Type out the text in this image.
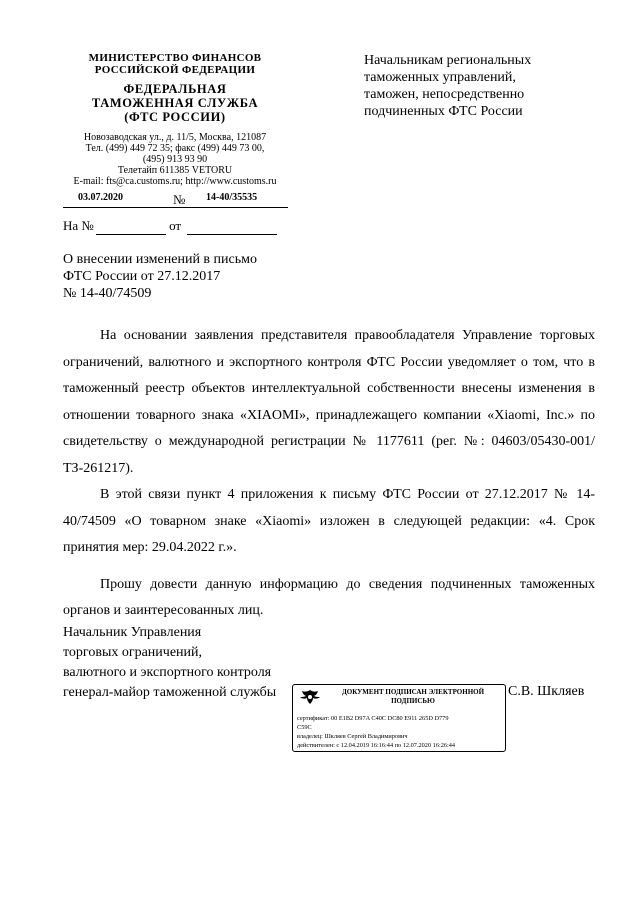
МИНИСТЕРСТВО ФИНАНСОВ
РОССИЙСКОЙ ФЕДЕРАЦИИ
ФЕДЕРАЛЬНАЯ
ТАМОЖЕННАЯ СЛУЖБА
(ФТС РОССИИ)
Новозаводская ул., д. 11/5, Москва, 121087
Тел. (499) 449 72 35; факс (499) 449 73 00,
(495) 913 93 90
Телетайп 611385 VETORU
E-mail: fts@ca.customs.ru; http://www.customs.ru
03.07.2020	№ 14-40/35535
На №	от
Начальникам региональных
таможенных управлений,
таможен, непосредственно
подчиненных ФТС России
О внесении изменений в письмо
ФТС России от 27.12.2017
№ 14-40/74509

На основании заявления представителя правообладателя Управление торговых ограничений, валютного и экспортного контроля ФТС России уведомляет о том, что в таможенный реестр объектов интеллектуальной собственности внесены изменения в отношении товарного знака «XIAOMI», принадлежащего компании «Xiaomi, Inc.» по свидетельству о международной регистрации № 1177611 (рег. №: 04603/05430-001/ТЗ-261217).

В этой связи пункт 4 приложения к письму ФТС России от 27.12.2017 № 14-40/74509 «О товарном знаке «Xiaomi» изложен в следующей редакции: «4. Срок принятия мер: 29.04.2022 г.».

Прошу довести данную информацию до сведения подчиненных таможенных органов и заинтересованных лиц.

Начальник Управления
торговых ограничений,
валютного и экспортного контроля
генерал-майор таможенной службы	ДОКУМЕНТ ПОДПИСАН ЭЛЕКТРОННОЙ
ПОДПИСЬЮ
сертификат: 00 E1B2 D97A C40C DC80 E911 265D D779
C59C
владелец: Шкляев Сергей Владимирович
действителен: с 12.04.2019 16:16:44 по 12.07.2020 16:26:44
С.В. Шкляев
